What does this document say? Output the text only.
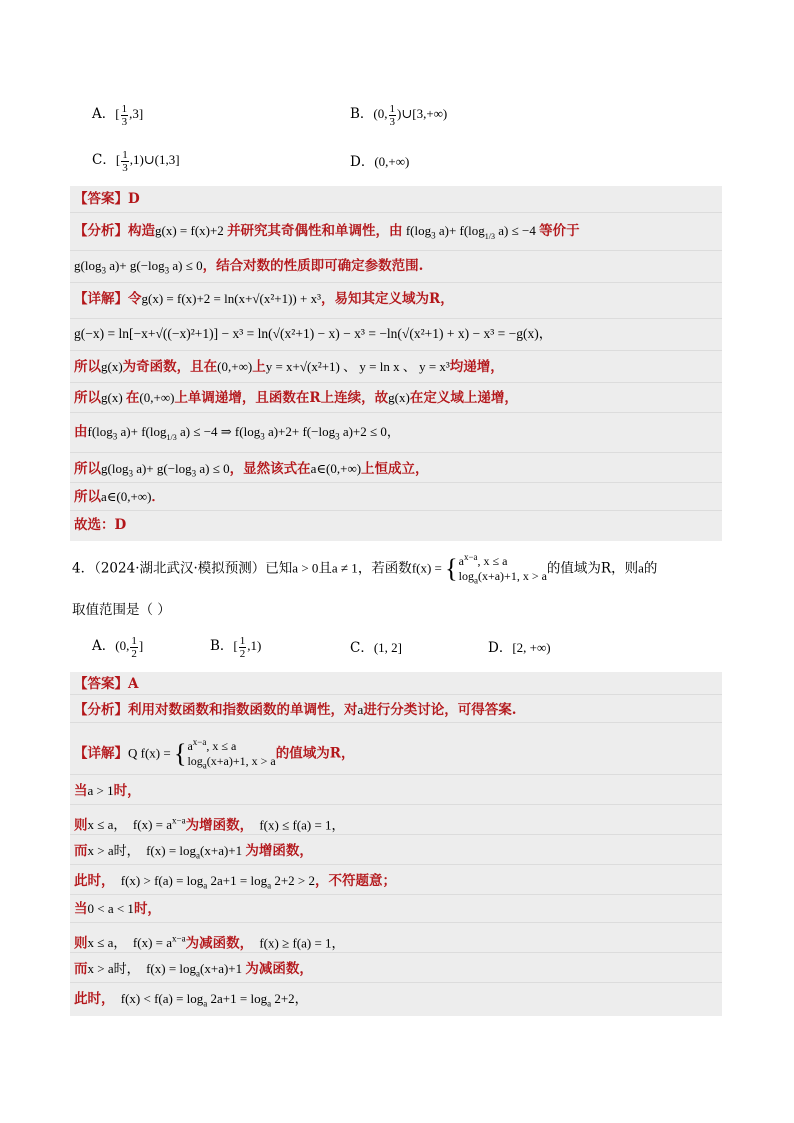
A．[ $\frac{1}{3} ,3$]	B．(0, $\frac{1}{3}$ )∪[3,+∞)
C．[ $\frac{1}{3}$ ,1)∪(1,3]	D．(0,+∞)
【答案】D
【分析】构造g(x) = f(x)+2 并研究其奇偶性和单调性，由 $f(\log_3$ $a)+ f(\log_{1/3}$ a) ≤ −4 等价于
$g(\log_3$ $a)+ g(-\log_3$ a) ≤ 0，结合对数的性质即可确定参数范围.
【详解】令g(x) = f(x)+2 = ln(x+√(x²+1)) + x³，易知其定义域为R，
g(−x) = ln[−x+√((−x)²+1)] − x³ = ln(√(x²+1) − x) − x³ = −ln(√(x²+1) + x) − x³ = −g(x)，
所以g(x)为奇函数，且在(0,+∞)上y = x+√(x²+1) 、 y = ln x 、 y = x³均递增，
所以g(x) 在(0,+∞)上单调递增，且函数在R上连续，故g(x)在定义域上递增，
由$f(\log_3$ $a)+ f(\log_{1/3}$ a) ≤ −4 ⇒ $f(\log_3$ $a)+2+ f(-\log_3$ a)+2 ≤ 0，
所以$g(\log_3$ $a)+ g(-\log_3$ a) ≤ 0，显然该式在a∈(0,+∞)上恒成立，
所以a∈(0,+∞)．
故选：D
4．（2024·湖北武汉·模拟预测）已知a > 0且a ≠ 1，若函数f(x) = { $a^{x-a}$, x ≤ a
$\log_a(x+a)+1$, x > a 的值域为R，则a的
取值范围是（ ）
A．(0, $\frac{1}{2}$ ]	B．[ $\frac{1}{2} ,1$)	C．(1, 2]	D．[2, +∞)
【答案】A
【分析】利用对数函数和指数函数的单调性，对a进行分类讨论，可得答案.
【详解】Q f(x) = { $a^{x-a}$, x ≤ a
$\log_a(x+a)+1$, x > a 的值域为R，
当a > 1时，
则x ≤ a，　$f(x) = a^{x-a}$为增函数，　f(x) ≤ f(a) = 1，
而x > a时，　$f(x) = \log_a(x+a)+1$ 为增函数，
此时，　$f(x) > f(a) = \log_a 2a+1 = \log_a 2+2 > 2$，不符题意；
当0 < a < 1时，
则x ≤ a，　$f(x) = a^{x-a}$为减函数，　f(x) ≥ f(a) = 1，
而x > a时，　$f(x) = \log_a(x+a)+1$ 为减函数，
此时，　$f(x) < f(a) = \log_a 2a+1 = \log_a 2+2$，
